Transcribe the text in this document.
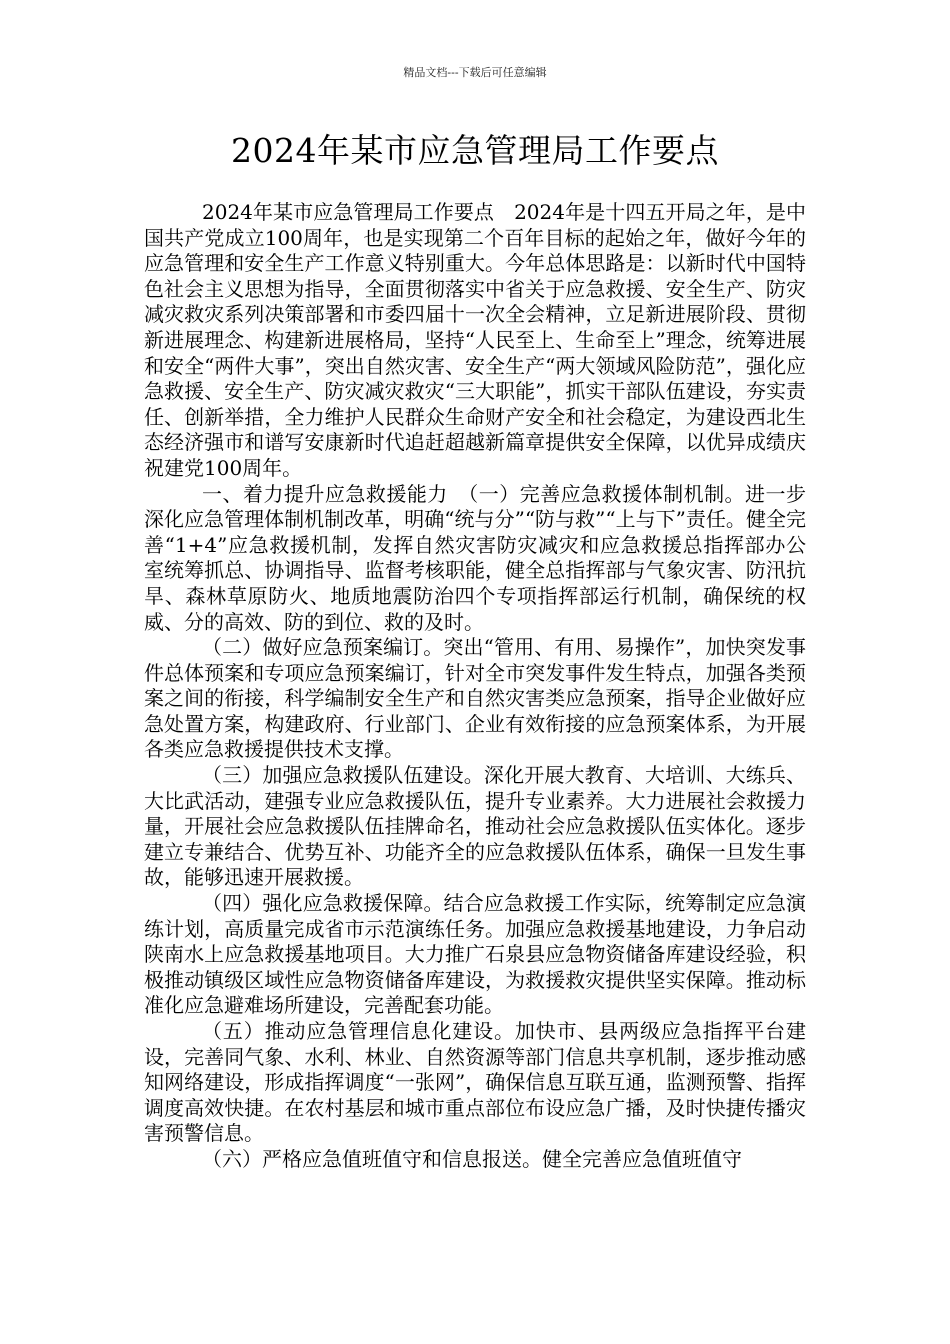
精品文档---下载后可任意编辑
2024年某市应急管理局工作要点

2024年某市应急管理局工作要点　2024年是十四五开局之年，是中国共产党成立100周年，也是实现第二个百年目标的起始之年，做好今年的应急管理和安全生产工作意义特别重大。今年总体思路是：以新时代中国特色社会主义思想为指导，全面贯彻落实中省关于应急救援、安全生产、防灾减灾救灾系列决策部署和市委四届十一次全会精神，立足新进展阶段、贯彻新进展理念、构建新进展格局，坚持“人民至上、生命至上”理念，统筹进展和安全“两件大事”，突出自然灾害、安全生产“两大领域风险防范”，强化应急救援、安全生产、防灾减灾救灾“三大职能”，抓实干部队伍建设，夯实责任、创新举措，全力维护人民群众生命财产安全和社会稳定，为建设西北生态经济强市和谱写安康新时代追赶超越新篇章提供安全保障，以优异成绩庆祝建党100周年。

一、着力提升应急救援能力　（一）完善应急救援体制机制。进一步深化应急管理体制机制改革，明确“统与分”“防与救”“上与下”责任。健全完善“1+4”应急救援机制，发挥自然灾害防灾减灾和应急救援总指挥部办公室统筹抓总、协调指导、监督考核职能，健全总指挥部与气象灾害、防汛抗旱、森林草原防火、地质地震防治四个专项指挥部运行机制，确保统的权威、分的高效、防的到位、救的及时。

（二）做好应急预案编订。突出“管用、有用、易操作”，加快突发事件总体预案和专项应急预案编订，针对全市突发事件发生特点，加强各类预案之间的衔接，科学编制安全生产和自然灾害类应急预案，指导企业做好应急处置方案，构建政府、行业部门、企业有效衔接的应急预案体系，为开展各类应急救援提供技术支撑。

（三）加强应急救援队伍建设。深化开展大教育、大培训、大练兵、大比武活动，建强专业应急救援队伍，提升专业素养。大力进展社会救援力量，开展社会应急救援队伍挂牌命名，推动社会应急救援队伍实体化。逐步建立专兼结合、优势互补、功能齐全的应急救援队伍体系，确保一旦发生事故，能够迅速开展救援。

（四）强化应急救援保障。结合应急救援工作实际，统筹制定应急演练计划，高质量完成省市示范演练任务。加强应急救援基地建设，力争启动陕南水上应急救援基地项目。大力推广石泉县应急物资储备库建设经验，积极推动镇级区域性应急物资储备库建设，为救援救灾提供坚实保障。推动标准化应急避难场所建设，完善配套功能。

（五）推动应急管理信息化建设。加快市、县两级应急指挥平台建设，完善同气象、水利、林业、自然资源等部门信息共享机制，逐步推动感知网络建设，形成指挥调度“一张网”，确保信息互联互通，监测预警、指挥调度高效快捷。在农村基层和城市重点部位布设应急广播，及时快捷传播灾害预警信息。

（六）严格应急值班值守和信息报送。健全完善应急值班值守
